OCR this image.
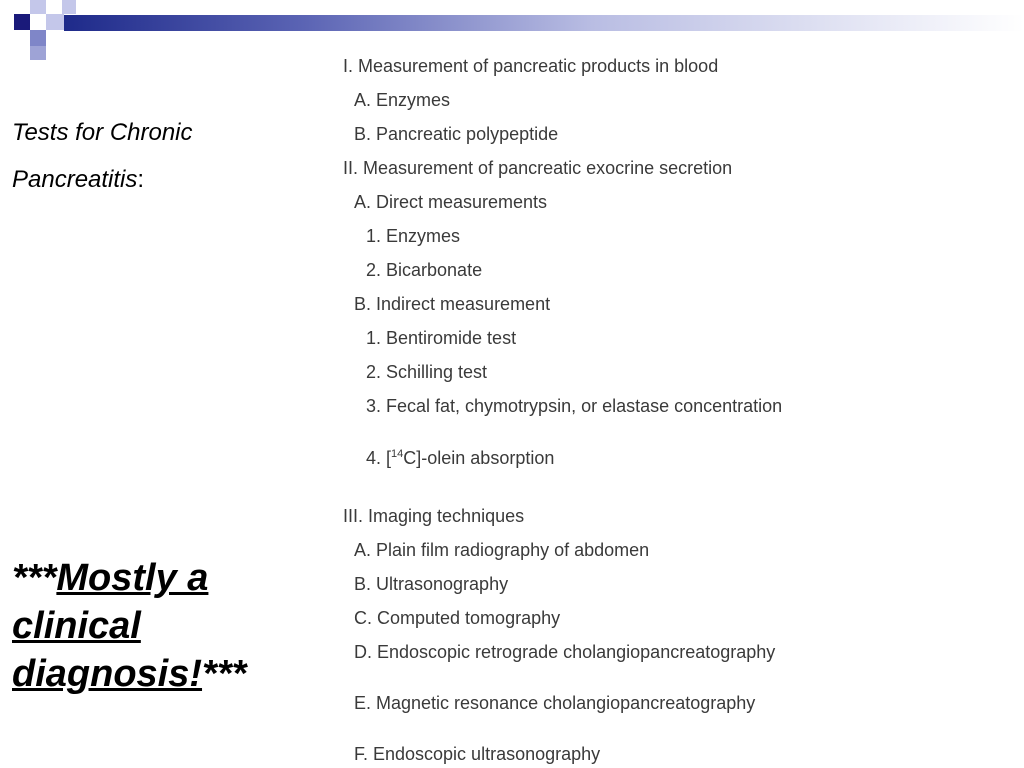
Tests for Chronic
Pancreatitis:
***Mostly a
clinical
diagnosis!***
I. Measurement of pancreatic products in blood
A. Enzymes
B. Pancreatic polypeptide
II. Measurement of pancreatic exocrine secretion
A. Direct measurements
1. Enzymes
2. Bicarbonate
B. Indirect measurement
1. Bentiromide test
2. Schilling test
3. Fecal fat, chymotrypsin, or elastase concentration
4. [$^{14}$C]-olein absorption
III. Imaging techniques
A. Plain film radiography of abdomen
B. Ultrasonography
C. Computed tomography
D. Endoscopic retrograde cholangiopancreatography
E. Magnetic resonance cholangiopancreatography
F. Endoscopic ultrasonography
